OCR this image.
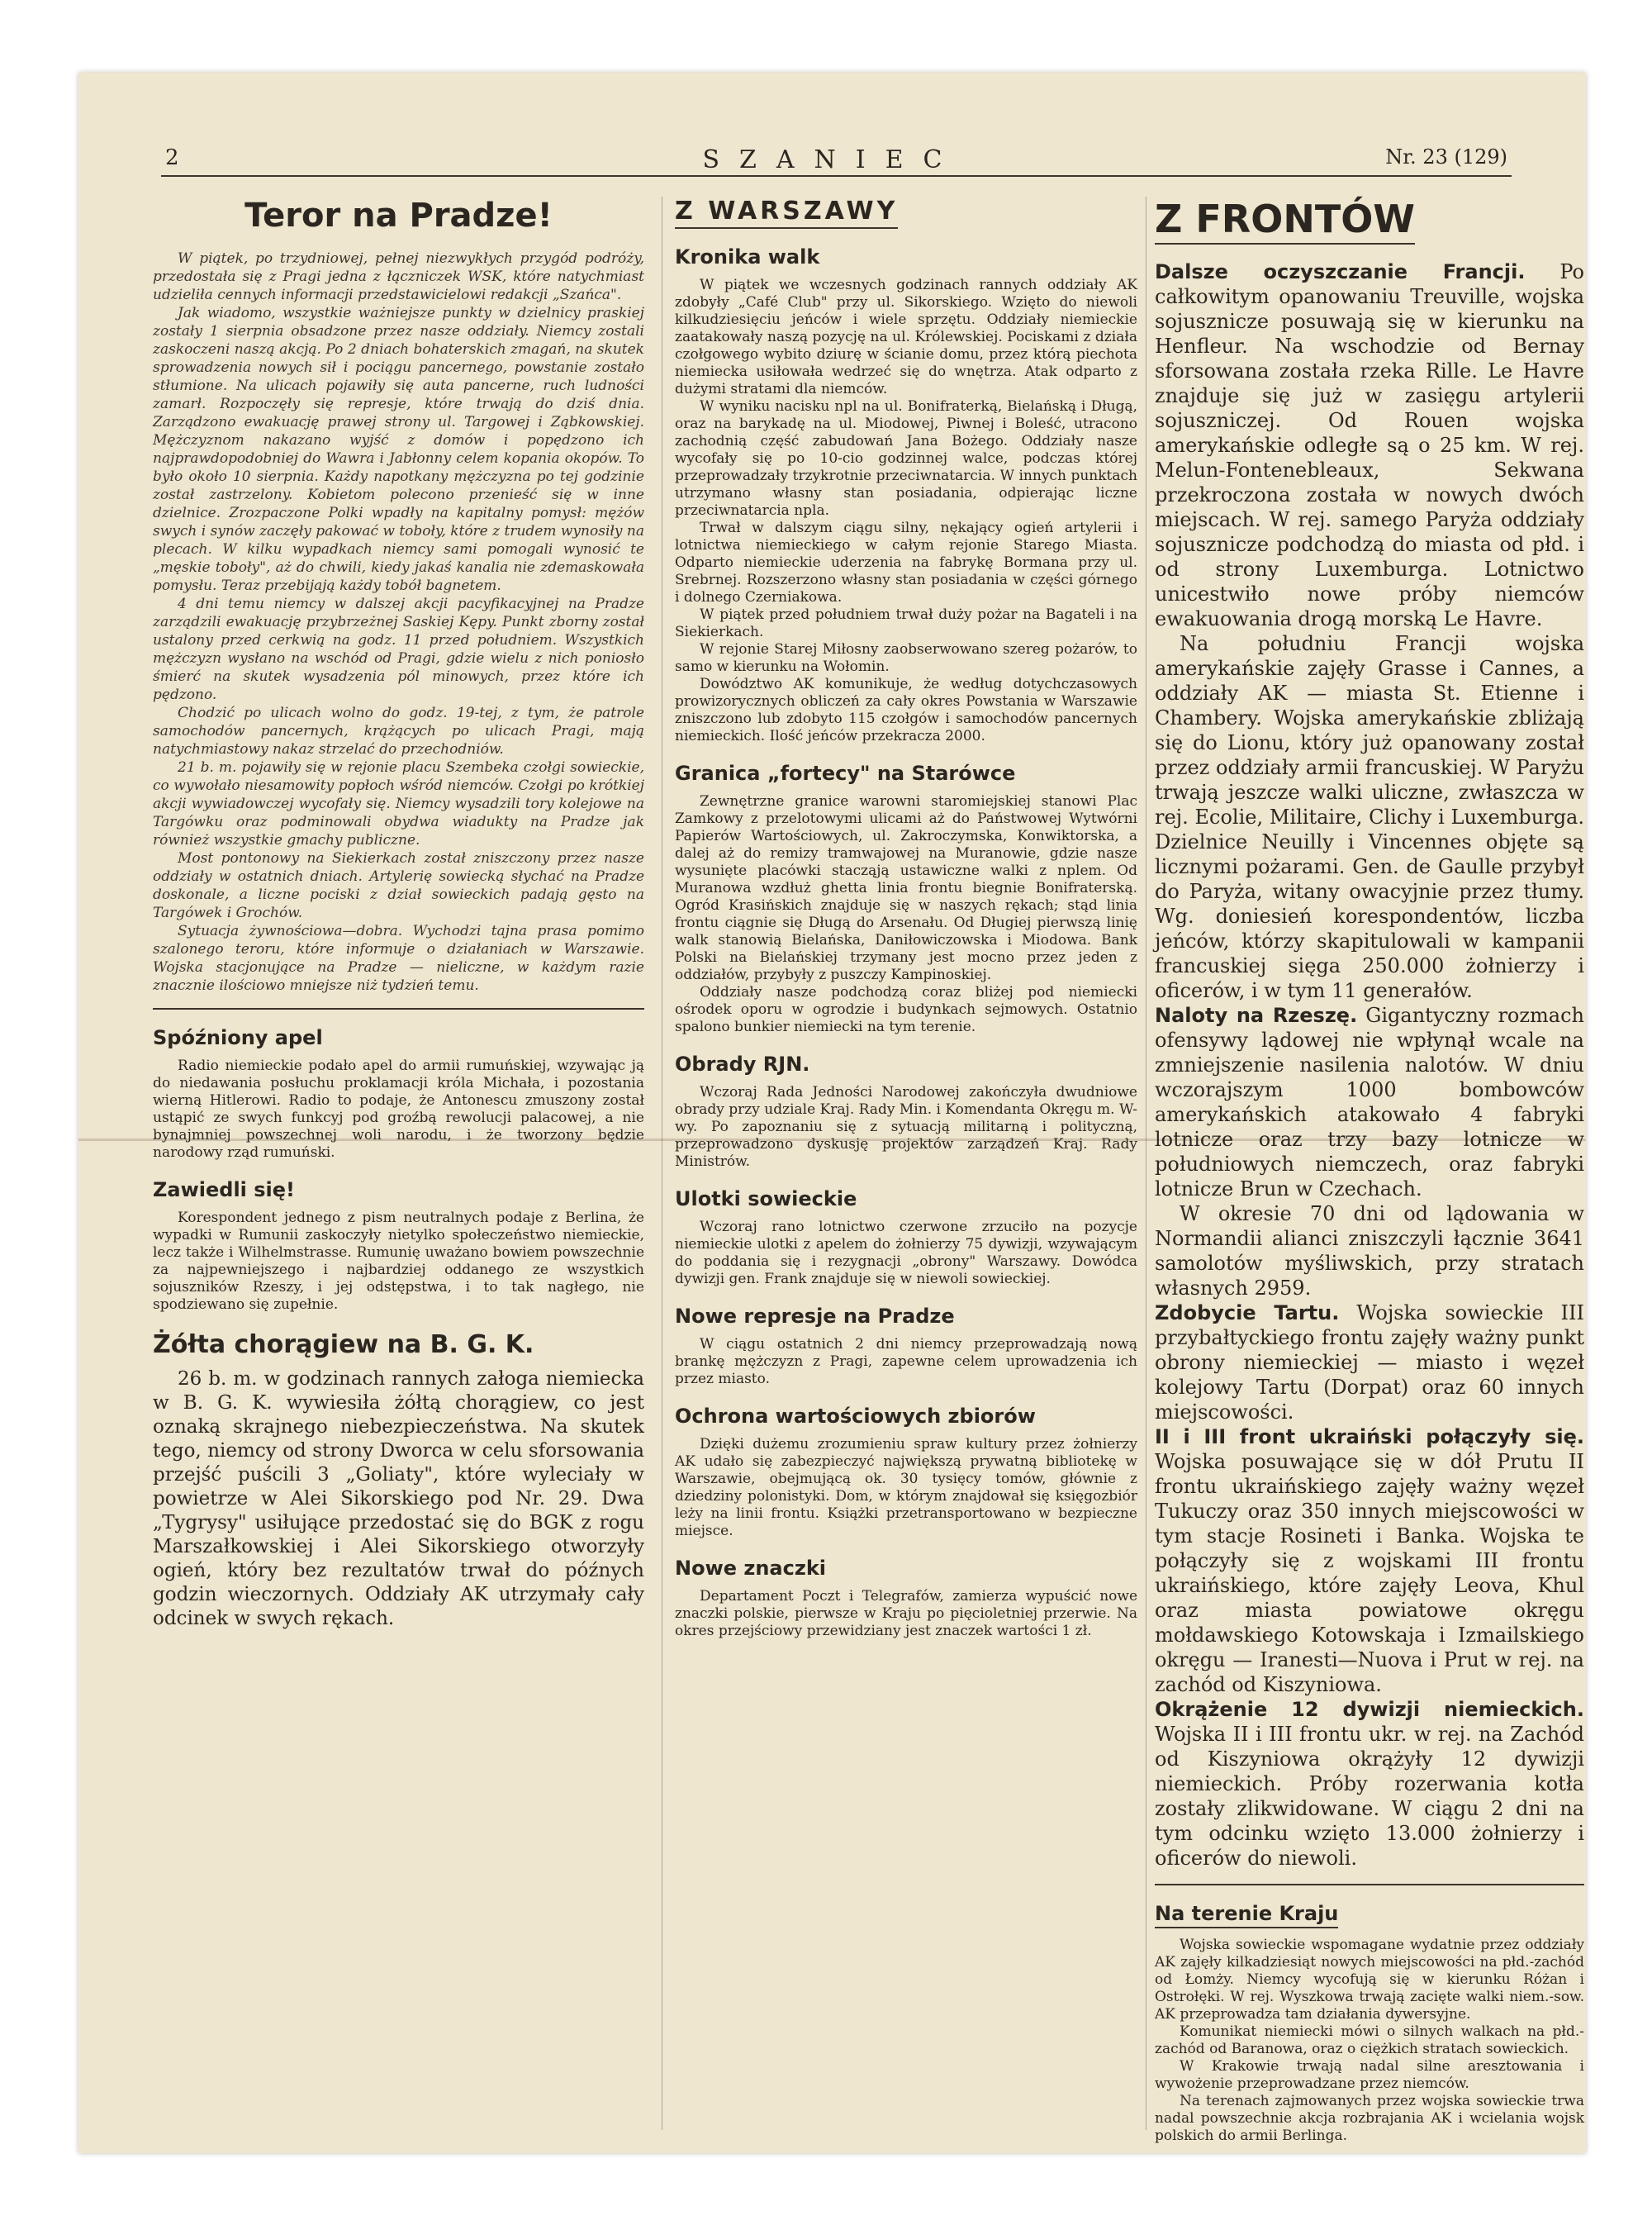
2	SZANIEC	Nr. 23 (129)
Teror na Pradze!

W piątek, po trzydniowej, pełnej niezwykłych przygód podróży, przedostała się z Pragi jedna z łączniczek WSK, które natychmiast udzieliła cennych informacji przedstawicielowi redakcji „Szańca".

Jak wiadomo, wszystkie ważniejsze punkty w dzielnicy praskiej zostały 1 sierpnia obsadzone przez nasze oddziały. Niemcy zostali zaskoczeni naszą akcją. Po 2 dniach bohaterskich zmagań, na skutek sprowadzenia nowych sił i pociągu pancernego, powstanie zostało stłumione. Na ulicach pojawiły się auta pancerne, ruch ludności zamarł. Rozpoczęły się represje, które trwają do dziś dnia. Zarządzono ewakuację prawej strony ul. Targowej i Ząbkowskiej. Mężczyznom nakazano wyjść z domów i popędzono ich najprawdopodobniej do Wawra i Jabłonny celem kopania okopów. To było około 10 sierpnia. Każdy napotkany mężczyzna po tej godzinie został zastrzelony. Kobietom polecono przenieść się w inne dzielnice. Zrozpaczone Polki wpadły na kapitalny pomysł: mężów swych i synów zaczęły pakować w toboły, które z trudem wynosiły na plecach. W kilku wypadkach niemcy sami pomogali wynosić te „męskie toboły", aż do chwili, kiedy jakaś kanalia nie zdemaskowała pomysłu. Teraz przebijają każdy tobół bagnetem.

4 dni temu niemcy w dalszej akcji pacyfikacyjnej na Pradze zarządzili ewakuację przybrzeżnej Saskiej Kępy. Punkt zborny został ustalony przed cerkwią na godz. 11 przed południem. Wszystkich mężczyzn wysłano na wschód od Pragi, gdzie wielu z nich poniosło śmierć na skutek wysadzenia pól minowych, przez które ich pędzono.

Chodzić po ulicach wolno do godz. 19-tej, z tym, że patrole samochodów pancernych, krążących po ulicach Pragi, mają natychmiastowy nakaz strzelać do przechodniów.

21 b. m. pojawiły się w rejonie placu Szembeka czołgi sowieckie, co wywołało niesamowity popłoch wśród niemców. Czołgi po krótkiej akcji wywiadowczej wycofały się. Niemcy wysadzili tory kolejowe na Targówku oraz podminowali obydwa wiadukty na Pradze jak również wszystkie gmachy publiczne.

Most pontonowy na Siekierkach został zniszczony przez nasze oddziały w ostatnich dniach. Artylerię sowiecką słychać na Pradze doskonale, a liczne pociski z dział sowieckich padają gęsto na Targówek i Grochów.

Sytuacja żywnościowa—dobra. Wychodzi tajna prasa pomimo szalonego teroru, które informuje o działaniach w Warszawie. Wojska stacjonujące na Pradze — nieliczne, w każdym razie znacznie ilościowo mniejsze niż tydzień temu.

Spóźniony apel

Radio niemieckie podało apel do armii rumuńskiej, wzywając ją do niedawania posłuchu proklamacji króla Michała, i pozostania wierną Hitlerowi. Radio to podaje, że Antonescu zmuszony został ustąpić ze swych funkcyj pod groźbą rewolucji palacowej, a nie bynajmniej powszechnej woli narodu, i że tworzony będzie narodowy rząd rumuński.

Zawiedli się!

Korespondent jednego z pism neutralnych podaje z Berlina, że wypadki w Rumunii zaskoczyły nietylko społeczeństwo niemieckie, lecz także i Wilhelmstrasse. Rumunię uważano bowiem powszechnie za najpewniejszego i najbardziej oddanego ze wszystkich sojuszników Rzeszy, i jej odstępstwa, i to tak nagłego, nie spodziewano się zupełnie.

Żółta chorągiew na B. G. K.

26 b. m. w godzinach rannych załoga niemiecka w B. G. K. wywiesiła żółtą chorągiew, co jest oznaką skrajnego niebezpieczeństwa. Na skutek tego, niemcy od strony Dworca w celu sforsowania przejść puścili 3 „Goliaty", które wyleciały w powietrze w Alei Sikorskiego pod Nr. 29. Dwa „Tygrysy" usiłujące przedostać się do BGK z rogu Marszałkowskiej i Alei Sikorskiego otworzyły ogień, który bez rezultatów trwał do późnych godzin wieczornych. Oddziały AK utrzymały cały odcinek w swych rękach.

Z WARSZAWY
Kronika walk

W piątek we wczesnych godzinach rannych oddziały AK zdobyły „Café Club" przy ul. Sikorskiego. Wzięto do niewoli kilkudziesięciu jeńców i wiele sprzętu. Oddziały niemieckie zaatakowały naszą pozycję na ul. Królewskiej. Pociskami z działa czołgowego wybito dziurę w ścianie domu, przez którą piechota niemiecka usiłowała wedrzeć się do wnętrza. Atak odparto z dużymi stratami dla niemców.

W wyniku nacisku npl na ul. Bonifraterką, Bielańską i Długą, oraz na barykadę na ul. Miodowej, Piwnej i Boleść, utracono zachodnią część zabudowań Jana Bożego. Oddziały nasze wycofały się po 10-cio godzinnej walce, podczas której przeprowadzały trzykrotnie przeciwnatarcia. W innych punktach utrzymano własny stan posiadania, odpierając liczne przeciwnatarcia npla.

Trwał w dalszym ciągu silny, nękający ogień artylerii i lotnictwa niemieckiego w całym rejonie Starego Miasta. Odparto niemieckie uderzenia na fabrykę Bormana przy ul. Srebrnej. Rozszerzono własny stan posiadania w części górnego i dolnego Czerniakowa.

W piątek przed południem trwał duży pożar na Bagateli i na Siekierkach.

W rejonie Starej Miłosny zaobserwowano szereg pożarów, to samo w kierunku na Wołomin.

Dowództwo AK komunikuje, że według dotychczasowych prowizorycznych obliczeń za cały okres Powstania w Warszawie zniszczono lub zdobyto 115 czołgów i samochodów pancernych niemieckich. Ilość jeńców przekracza 2000.

Granica „fortecy" na Starówce

Zewnętrzne granice warowni staromiejskiej stanowi Plac Zamkowy z przelotowymi ulicami aż do Państwowej Wytwórni Papierów Wartościowych, ul. Zakroczymska, Konwiktorska, a dalej aż do remizy tramwajowej na Muranowie, gdzie nasze wysunięte placówki stacząją ustawiczne walki z nplem. Od Muranowa wzdłuż ghetta linia frontu biegnie Bonifraterską. Ogród Krasińskich znajduje się w naszych rękach; stąd linia frontu ciągnie się Długą do Arsenału. Od Długiej pierwszą linię walk stanowią Bielańska, Daniłowiczowska i Miodowa. Bank Polski na Bielańskiej trzymany jest mocno przez jeden z oddziałów, przybyły z puszczy Kampinoskiej.

Oddziały nasze podchodzą coraz bliżej pod niemiecki ośrodek oporu w ogrodzie i budynkach sejmowych. Ostatnio spalono bunkier niemiecki na tym terenie.

Obrady RJN.

Wczoraj Rada Jedności Narodowej zakończyła dwudniowe obrady przy udziale Kraj. Rady Min. i Komendanta Okręgu m. W-wy. Po zapoznaniu się z sytuacją militarną i polityczną, przeprowadzono dyskusję projektów zarządzeń Kraj. Rady Ministrów.

Ulotki sowieckie

Wczoraj rano lotnictwo czerwone zrzuciło na pozycje niemieckie ulotki z apelem do żołnierzy 75 dywizji, wzywającym do poddania się i rezygnacji „obrony" Warszawy. Dowódca dywizji gen. Frank znajduje się w niewoli sowieckiej.

Nowe represje na Pradze

W ciągu ostatnich 2 dni niemcy przeprowadzają nową brankę mężczyzn z Pragi, zapewne celem uprowadzenia ich przez miasto.

Ochrona wartościowych zbiorów

Dzięki dużemu zrozumieniu spraw kultury przez żołnierzy AK udało się zabezpieczyć największą prywatną bibliotekę w Warszawie, obejmującą ok. 30 tysięcy tomów, głównie z dziedziny polonistyki. Dom, w którym znajdował się księgozbiór leży na linii frontu. Książki przetransportowano w bezpieczne miejsce.

Nowe znaczki

Departament Poczt i Telegrafów, zamierza wypuścić nowe znaczki polskie, pierwsze w Kraju po pięcioletniej przerwie. Na okres przejściowy przewidziany jest znaczek wartości 1 zł.

Z FRONTÓW

Dalsze oczyszczanie Francji. Po całkowitym opanowaniu Treuville, wojska sojusznicze posuwają się w kierunku na Henfleur. Na wschodzie od Bernay sforsowana została rzeka Rille. Le Havre znajduje się już w zasięgu artylerii sojuszniczej. Od Rouen wojska amerykańskie odległe są o 25 km. W rej. Melun-Fontenebleaux, Sekwana przekroczona została w nowych dwóch miejscach. W rej. samego Paryża oddziały sojusznicze podchodzą do miasta od płd. i od strony Luxemburga. Lotnictwo unicestwiło nowe próby niemców ewakuowania drogą morską Le Havre.

Na południu Francji wojska amerykańskie zajęły Grasse i Cannes, a oddziały AK — miasta St. Etienne i Chambery. Wojska amerykańskie zbliżają się do Lionu, który już opanowany został przez oddziały armii francuskiej. W Paryżu trwają jeszcze walki uliczne, zwłaszcza w rej. Ecolie, Militaire, Clichy i Luxemburga. Dzielnice Neuilly i Vincennes objęte są licznymi pożarami. Gen. de Gaulle przybył do Paryża, witany owacyjnie przez tłumy. Wg. doniesień korespondentów, liczba jeńców, którzy skapitulowali w kampanii francuskiej sięga 250.000 żołnierzy i oficerów, i w tym 11 generałów.

Naloty na Rzeszę. Gigantyczny rozmach ofensywy lądowej nie wpłynął wcale na zmniejszenie nasilenia nalotów. W dniu wczorajszym 1000 bombowców amerykańskich atakowało 4 fabryki lotnicze oraz trzy bazy lotnicze w południowych niemczech, oraz fabryki lotnicze Brun w Czechach.

W okresie 70 dni od lądowania w Normandii alianci zniszczyli łącznie 3641 samolotów myśliwskich, przy stratach własnych 2959.

Zdobycie Tartu. Wojska sowieckie III przybałtyckiego frontu zajęły ważny punkt obrony niemieckiej — miasto i węzeł kolejowy Tartu (Dorpat) oraz 60 innych miejscowości.

II i III front ukraiński połączyły się. Wojska posuwające się w dół Prutu II frontu ukraińskiego zajęły ważny węzeł Tukuczy oraz 350 innych miejscowości w tym stacje Rosineti i Banka. Wojska te połączyły się z wojskami III frontu ukraińskiego, które zajęły Leova, Khul oraz miasta powiatowe okręgu mołdawskiego Kotowskaja i Izmailskiego okręgu — Iranesti—Nuova i Prut w rej. na zachód od Kiszyniowa.

Okrążenie 12 dywizji niemieckich. Wojska II i III frontu ukr. w rej. na Zachód od Kiszyniowa okrążyły 12 dywizji niemieckich. Próby rozerwania kotła zostały zlikwidowane. W ciągu 2 dni na tym odcinku wzięto 13.000 żołnierzy i oficerów do niewoli.

Na terenie Kraju

Wojska sowieckie wspomagane wydatnie przez oddziały AK zajęły kilkadziesiąt nowych miejscowości na płd.-zachód od Łomży. Niemcy wycofują się w kierunku Różan i Ostrołęki. W rej. Wyszkowa trwają zacięte walki niem.-sow. AK przeprowadza tam działania dywersyjne.

Komunikat niemiecki mówi o silnych walkach na płd.-zachód od Baranowa, oraz o ciężkich stratach sowieckich.

W Krakowie trwają nadal silne aresztowania i wywożenie przeprowadzane przez niemców.

Na terenach zajmowanych przez wojska sowieckie trwa nadal powszechnie akcja rozbrajania AK i wcielania wojsk polskich do armii Berlinga.
